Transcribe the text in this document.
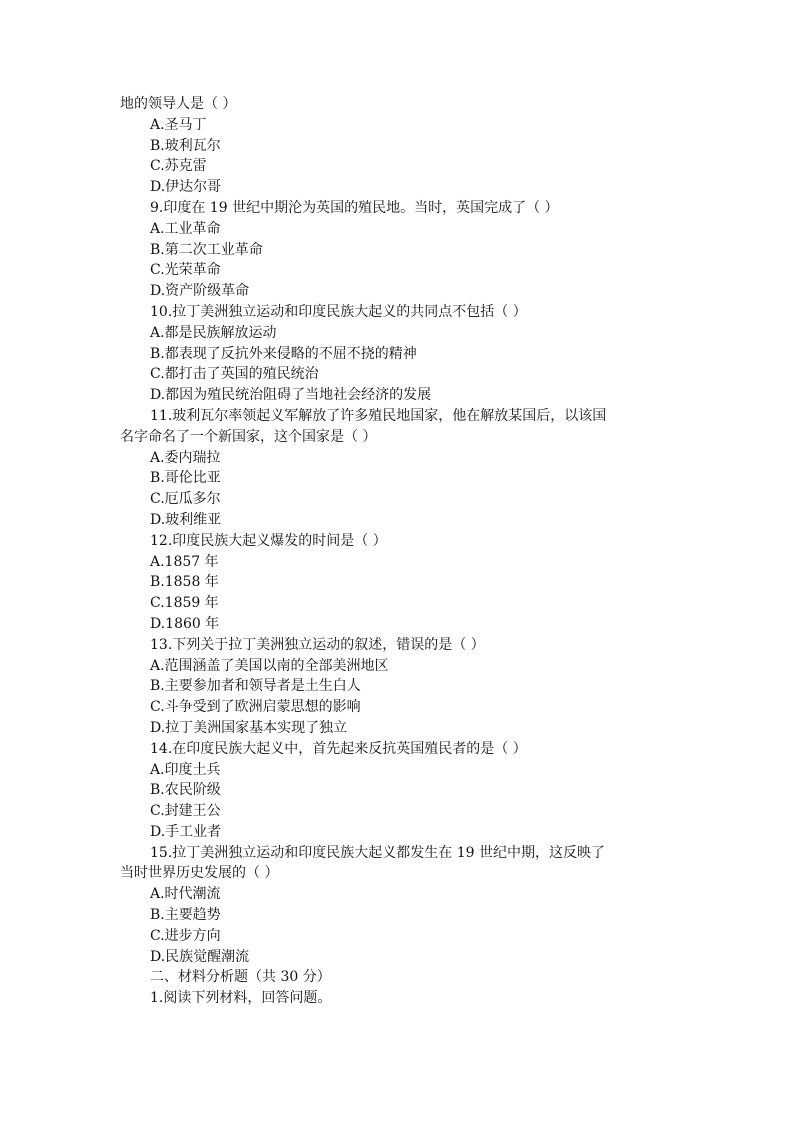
地的领导人是（ ）
A.圣马丁
B.玻利瓦尔
C.苏克雷
D.伊达尔哥
9.印度在 19 世纪中期沦为英国的殖民地。当时，英国完成了（ ）
A.工业革命
B.第二次工业革命
C.光荣革命
D.资产阶级革命
10.拉丁美洲独立运动和印度民族大起义的共同点不包括（ ）
A.都是民族解放运动
B.都表现了反抗外来侵略的不屈不挠的精神
C.都打击了英国的殖民统治
D.都因为殖民统治阻碍了当地社会经济的发展
11.玻利瓦尔率领起义军解放了许多殖民地国家，他在解放某国后，以该国
名字命名了一个新国家，这个国家是（ ）
A.委内瑞拉
B.哥伦比亚
C.厄瓜多尔
D.玻利维亚
12.印度民族大起义爆发的时间是（ ）
A.1857 年
B.1858 年
C.1859 年
D.1860 年
13.下列关于拉丁美洲独立运动的叙述，错误的是（ ）
A.范围涵盖了美国以南的全部美洲地区
B.主要参加者和领导者是土生白人
C.斗争受到了欧洲启蒙思想的影响
D.拉丁美洲国家基本实现了独立
14.在印度民族大起义中，首先起来反抗英国殖民者的是（ ）
A.印度土兵
B.农民阶级
C.封建王公
D.手工业者
15.拉丁美洲独立运动和印度民族大起义都发生在 19 世纪中期，这反映了
当时世界历史发展的（ ）
A.时代潮流
B.主要趋势
C.进步方向
D.民族觉醒潮流
二、材料分析题（共 30 分）
1.阅读下列材料，回答问题。
